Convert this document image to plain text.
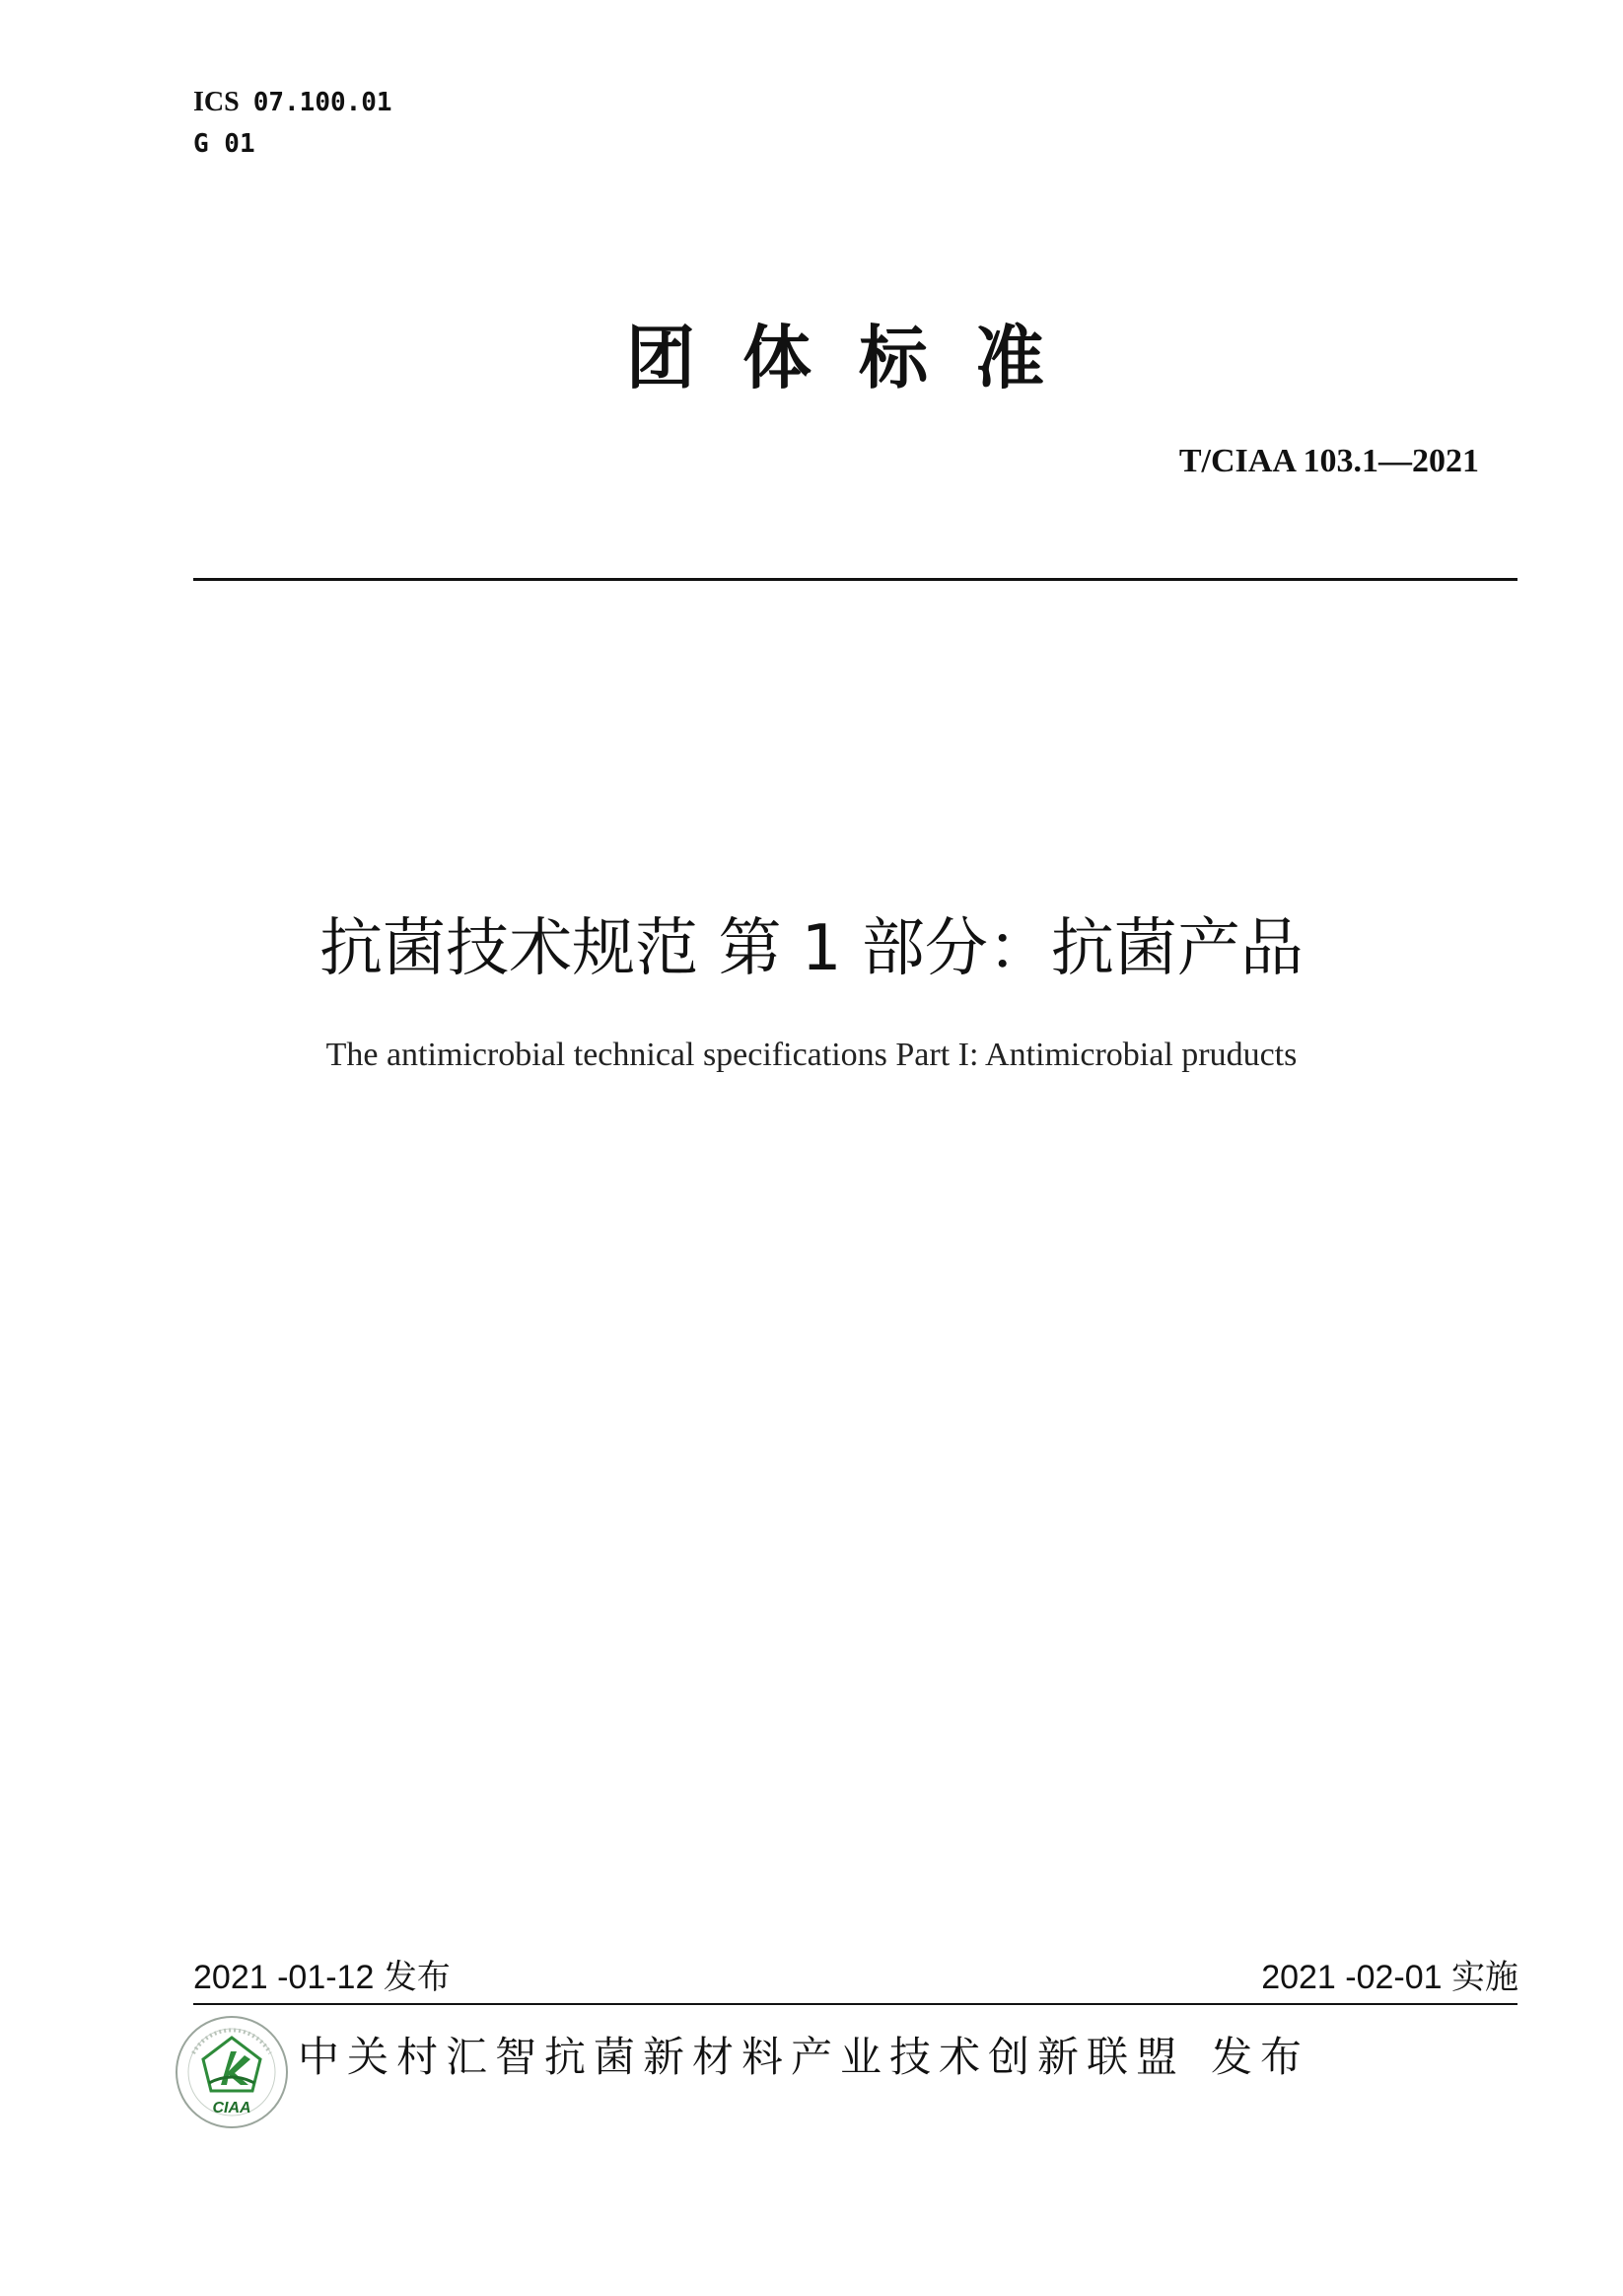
ICS 07.100.01
G 01
团体标准
T/CIAA 103.1—2021
抗菌技术规范 第 1 部分：抗菌产品
The antimicrobial technical specifications Part I: Antimicrobial pruducts
2021 -01-12 发布	2021 -02-01 实施
CIAA
中关村汇智抗菌新材料产业技术创新联盟 发布
